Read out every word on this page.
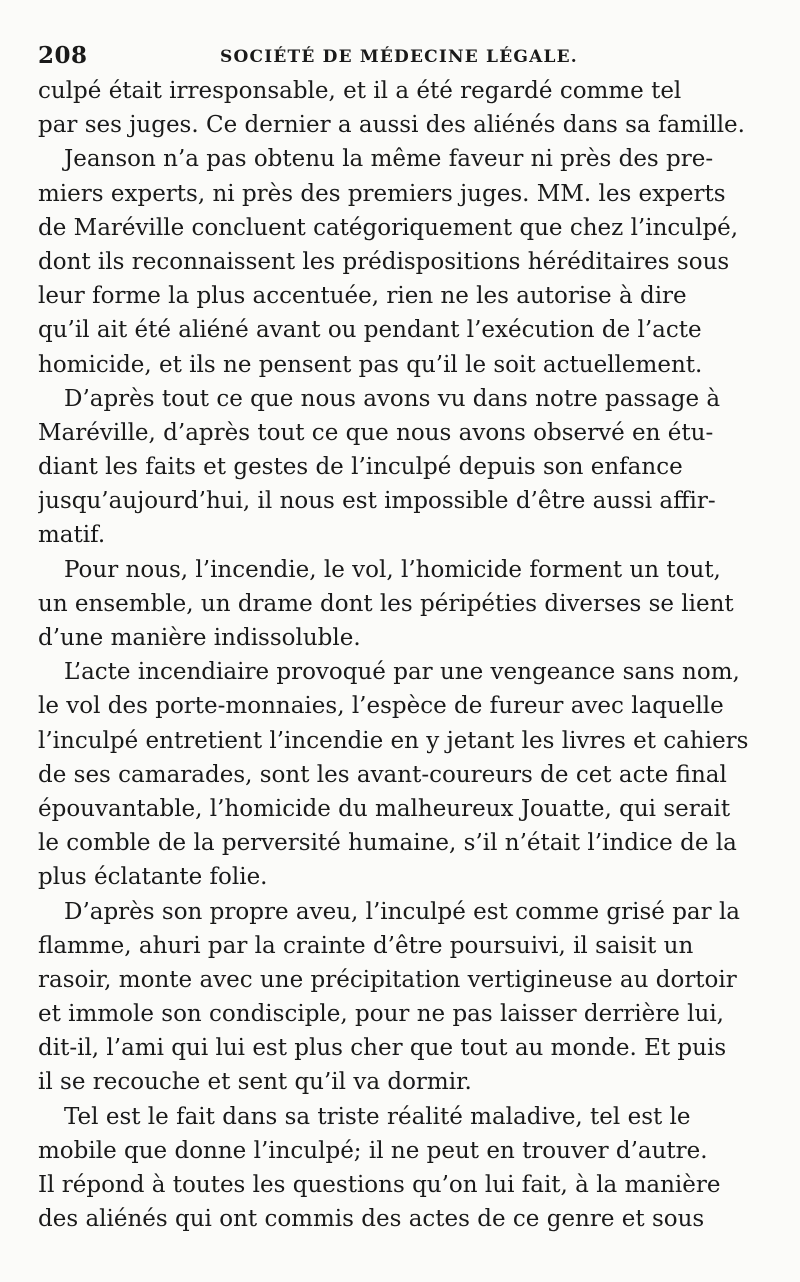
208	SOCIÉTÉ DE MÉDECINE LÉGALE.
culpé était irresponsable, et il a été regardé comme tel
par ses juges. Ce dernier a aussi des aliénés dans sa famille.
Jeanson n’a pas obtenu la même faveur ni près des pre-
miers experts, ni près des premiers juges. MM. les experts
de Maréville concluent catégoriquement que chez l’inculpé,
dont ils reconnaissent les prédispositions héréditaires sous
leur forme la plus accentuée, rien ne les autorise à dire
qu’il ait été aliéné avant ou pendant l’exécution de l’acte
homicide, et ils ne pensent pas qu’il le soit actuellement.
D’après tout ce que nous avons vu dans notre passage à
Maréville, d’après tout ce que nous avons observé en étu-
diant les faits et gestes de l’inculpé depuis son enfance
jusqu’aujourd’hui, il nous est impossible d’être aussi affir-
matif.
Pour nous, l’incendie, le vol, l’homicide forment un tout,
un ensemble, un drame dont les péripéties diverses se lient
d’une manière indissoluble.
L’acte incendiaire provoqué par une vengeance sans nom,
le vol des porte-monnaies, l’espèce de fureur avec laquelle
l’inculpé entretient l’incendie en y jetant les livres et cahiers
de ses camarades, sont les avant-coureurs de cet acte final
épouvantable, l’homicide du malheureux Jouatte, qui serait
le comble de la perversité humaine, s’il n’était l’indice de la
plus éclatante folie.
D’après son propre aveu, l’inculpé est comme grisé par la
flamme, ahuri par la crainte d’être poursuivi, il saisit un
rasoir, monte avec une précipitation vertigineuse au dortoir
et immole son condisciple, pour ne pas laisser derrière lui,
dit-il, l’ami qui lui est plus cher que tout au monde. Et puis
il se recouche et sent qu’il va dormir.
Tel est le fait dans sa triste réalité maladive, tel est le
mobile que donne l’inculpé; il ne peut en trouver d’autre.
Il répond à toutes les questions qu’on lui fait, à la manière
des aliénés qui ont commis des actes de ce genre et sous
